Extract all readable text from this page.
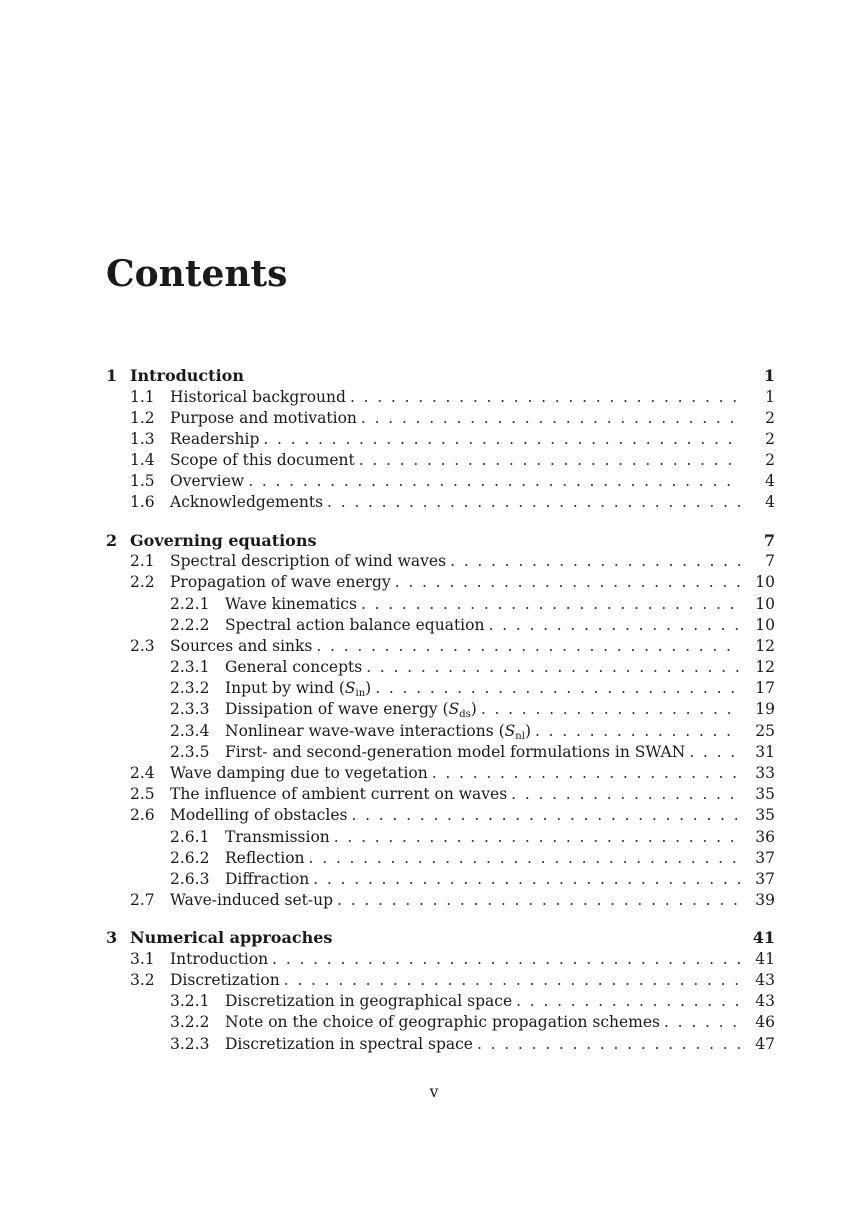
Contents
1 Introduction	1
1.1 Historical background . . .	1
1.2 Purpose and motivation . . .	2
1.3 Readership . . .	2
1.4 Scope of this document . . .	2
1.5 Overview . . .	4
1.6 Acknowledgements . . .	4
2 Governing equations	7
2.1 Spectral description of wind waves . . .	7
2.2 Propagation of wave energy . . .	10
2.2.1	Wave kinematics . . .	10
2.2.2	Spectral action balance equation . . .	10
2.3 Sources and sinks . . .	12
2.3.1	General concepts . . .	12
2.3.2	Input by wind $(S_{in})$ . . .	17
2.3.3	Dissipation of wave energy $(S_{ds})$ . . .	19
2.3.4	Nonlinear wave-wave interactions $(S_{nl})$ . . .	25
2.3.5	First- and second-generation model formulations in SWAN . . .	31
2.4 Wave damping due to vegetation . . .	33
2.5 The influence of ambient current on waves . . .	35
2.6 Modelling of obstacles . . .	35
2.6.1	Transmission . . .	36
2.6.2	Reflection . . .	37
2.6.3	Diffraction . . .	37
2.7 Wave-induced set-up . . .	39
3 Numerical approaches	41
3.1 Introduction . . .	41
3.2 Discretization . . .	43
3.2.1	Discretization in geographical space . . .	43
3.2.2	Note on the choice of geographic propagation schemes . . .	46
3.2.3	Discretization in spectral space . . .	47
v
